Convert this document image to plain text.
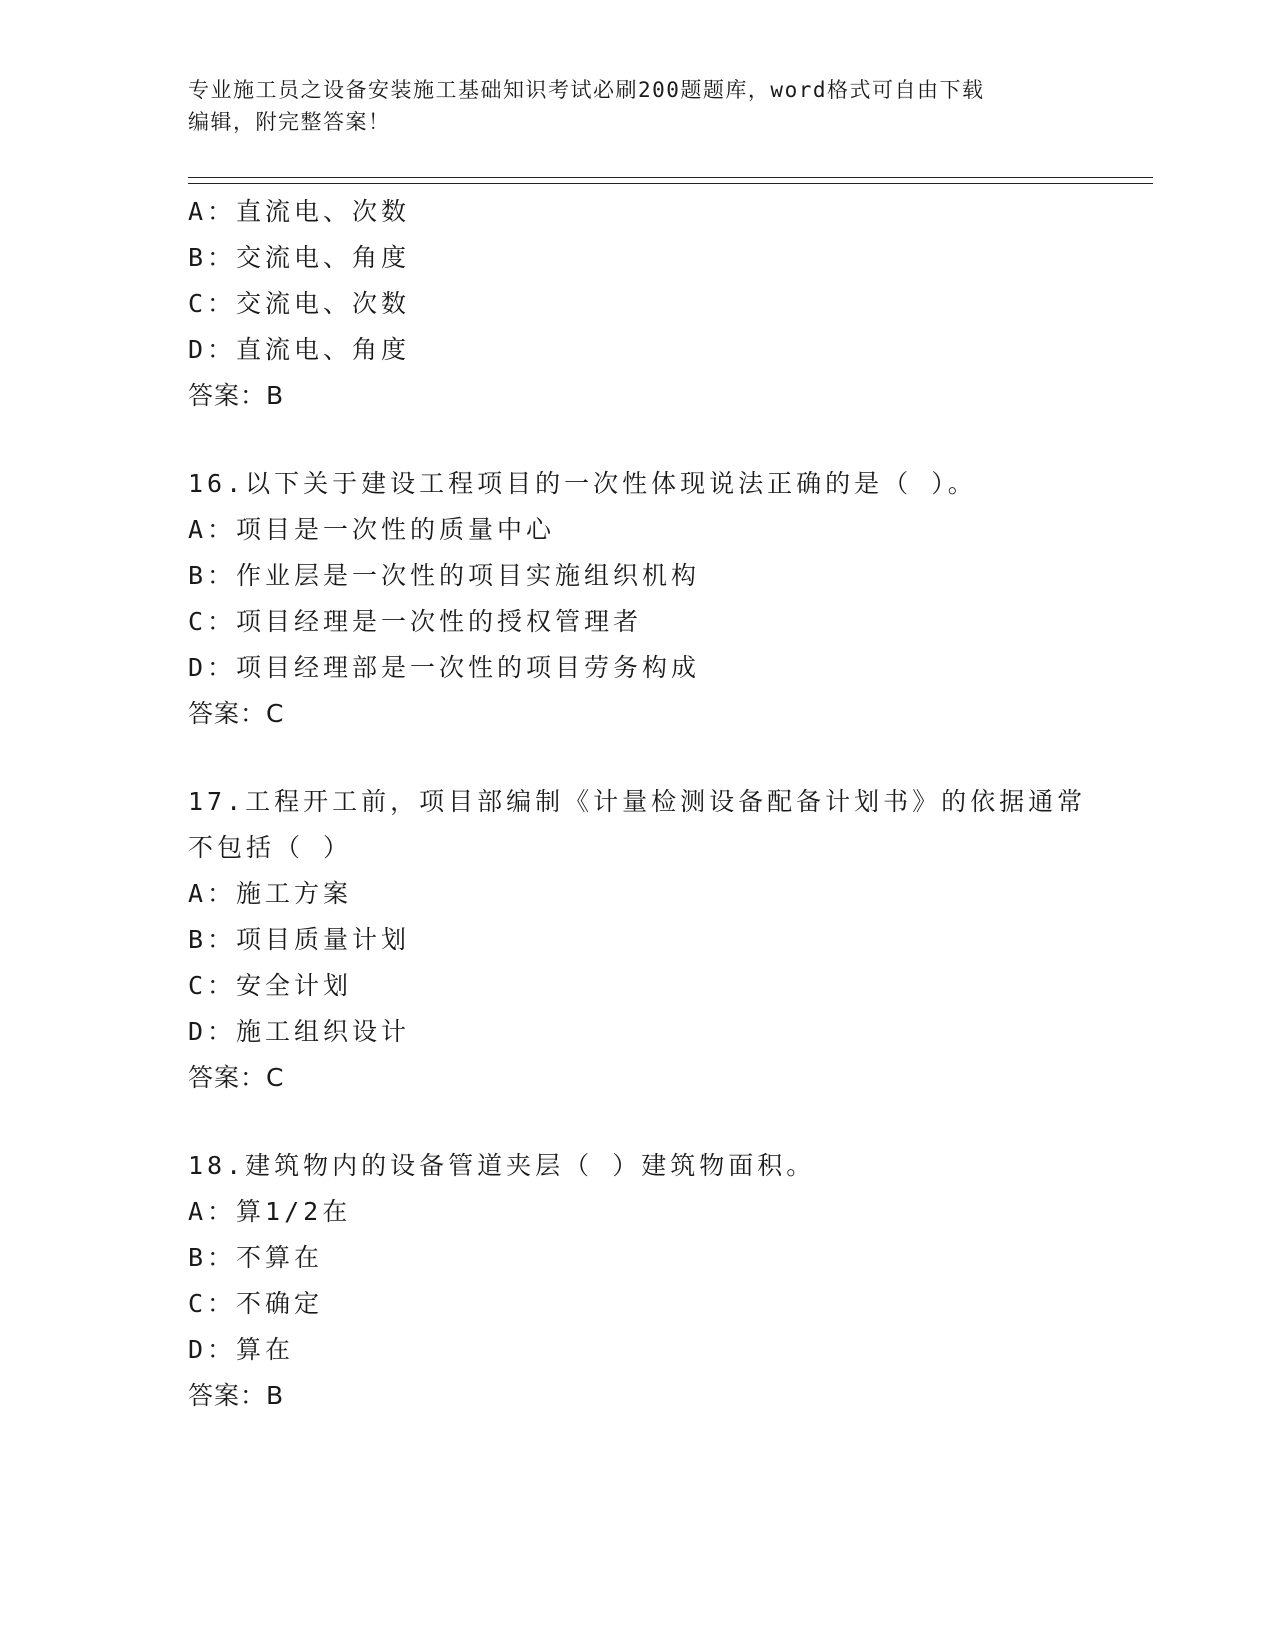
专业施工员之设备安装施工基础知识考试必刷200题题库，word格式可自由下载
编辑，附完整答案！
A：直流电、次数
B：交流电、角度
C：交流电、次数
D：直流电、角度
答案：B
16.以下关于建设工程项目的一次性体现说法正确的是（ ）。
A：项目是一次性的质量中心
B：作业层是一次性的项目实施组织机构
C：项目经理是一次性的授权管理者
D：项目经理部是一次性的项目劳务构成
答案：C
17.工程开工前，项目部编制《计量检测设备配备计划书》的依据通常
不包括（ ）
A：施工方案
B：项目质量计划
C：安全计划
D：施工组织设计
答案：C
18.建筑物内的设备管道夹层（ ）建筑物面积。
A：算1/2在
B：不算在
C：不确定
D：算在
答案：B
